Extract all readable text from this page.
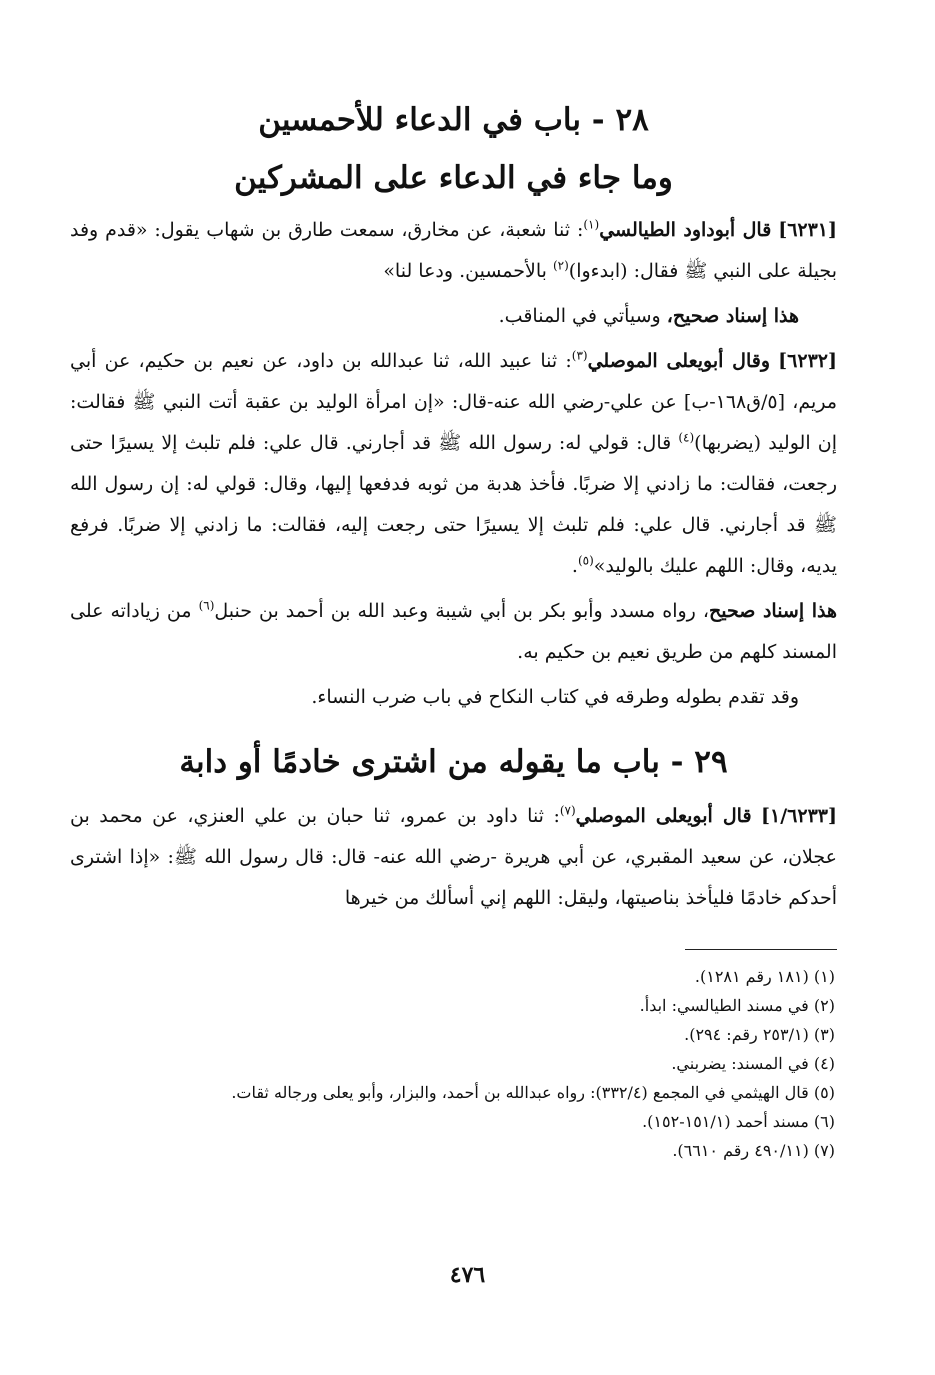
٢٨ - باب في الدعاء للأحمسين
وما جاء في الدعاء على المشركين

[٦٢٣١] قال أبوداود الطيالسي$^{(١)}$: ثنا شعبة، عن مخارق، سمعت طارق بن شهاب يقول: «قدم وفد بجيلة على النبي ﷺ فقال: (ابدءوا)$^{(٢)}$ بالأحمسين. ودعا لنا»

هذا إسناد صحيح، وسيأتي في المناقب.

[٦٢٣٢] وقال أبويعلى الموصلي$^{(٣)}$: ثنا عبيد الله، ثنا عبدالله بن داود، عن نعيم بن حكيم، عن أبي مريم، [٥/ق١٦٨-ب] عن علي-رضي الله عنه-قال: «إن امرأة الوليد بن عقبة أتت النبي ﷺ فقالت: إن الوليد (يضربها)$^{(٤)}$ قال: قولي له: رسول الله ﷺ قد أجارني. قال علي: فلم تلبث إلا يسيرًا حتى رجعت، فقالت: ما زادني إلا ضربًا. فأخذ هدبة من ثوبه فدفعها إليها، وقال: قولي له: إن رسول الله ﷺ قد أجارني. قال علي: فلم تلبث إلا يسيرًا حتى رجعت إليه، فقالت: ما زادني إلا ضربًا. فرفع يديه، وقال: اللهم عليك بالوليد»$^{(٥)}$.

هذا إسناد صحيح، رواه مسدد وأبو بكر بن أبي شيبة وعبد الله بن أحمد بن حنبل$^{(٦)}$ من زياداته على المسند كلهم من طريق نعيم بن حكيم به.

وقد تقدم بطوله وطرقه في كتاب النكاح في باب ضرب النساء.

٢٩ - باب ما يقوله من اشترى خادمًا أو دابة

[١/٦٢٣٣] قال أبويعلى الموصلي$^{(٧)}$: ثنا داود بن عمرو، ثنا حبان بن علي العنزي، عن محمد بن عجلان، عن سعيد المقبري، عن أبي هريرة -رضي الله عنه- قال: قال رسول الله ﷺ: «إذا اشترى أحدكم خادمًا فليأخذ بناصيتها، وليقل: اللهم إني أسألك من خيرها

(١) (١٨١ رقم ١٢٨١).
(٢) في مسند الطيالسي: ابدأ.
(٣) (٢٥٣/١ رقم: ٢٩٤).
(٤) في المسند: يضربني.
(٥) قال الهيثمي في المجمع (٣٣٢/٤): رواه عبدالله بن أحمد، والبزار، وأبو يعلى ورجاله ثقات.
(٦) مسند أحمد (١٥١/١-١٥٢).
(٧) (٤٩٠/١١ رقم ٦٦١٠).
٤٧٦
